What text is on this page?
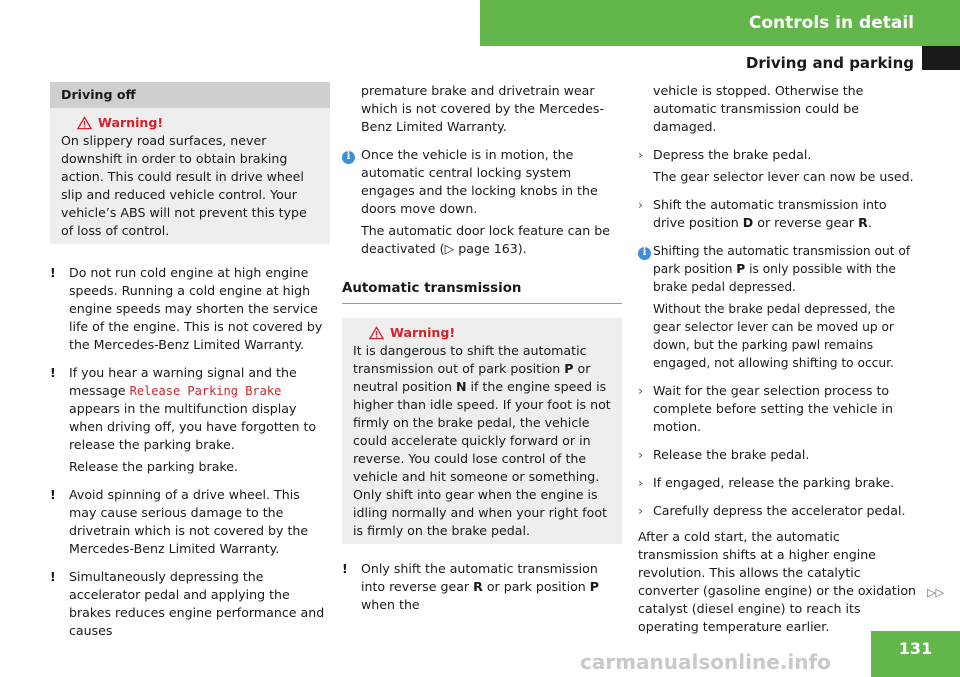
Controls in detail
Driving and parking
Driving off
Warning!

On slippery road surfaces, never downshift in order to obtain braking action. This could result in drive wheel slip and reduced vehicle control. Your vehicle’s ABS will not prevent this type of loss of control.

!	Do not run cold engine at high engine speeds. Running a cold engine at high engine speeds may shorten the service life of the engine. This is not covered by the Mercedes-Benz Limited Warranty.
!	If you hear a warning signal and the message Release Parking Brake appears in the multifunction display when driving off, you have forgotten to release the parking brake.

Release the parking brake.

!	Avoid spinning of a drive wheel. This may cause serious damage to the drivetrain which is not covered by the Mercedes-Benz Limited Warranty.
!	Simultaneously depressing the accelerator pedal and applying the brakes reduces engine performance and causes

premature brake and drivetrain wear which is not covered by the Mercedes-Benz Limited Warranty.

i Once the vehicle is in motion, the automatic central locking system engages and the locking knobs in the doors move down.

The automatic door lock feature can be deactivated (▷ page 163).

Automatic transmission
Warning!

It is dangerous to shift the automatic transmission out of park position P or neutral position N if the engine speed is higher than idle speed. If your foot is not firmly on the brake pedal, the vehicle could accelerate quickly forward or in reverse. You could lose control of the vehicle and hit someone or something. Only shift into gear when the engine is idling normally and when your right foot is firmly on the brake pedal.

!	Only shift the automatic transmission into reverse gear R or park position P when the

vehicle is stopped. Otherwise the automatic transmission could be damaged.

› Depress the brake pedal.

The gear selector lever can now be used.

› Shift the automatic transmission into drive position D or reverse gear R.
i Shifting the automatic transmission out of park position P is only possible with the brake pedal depressed.

Without the brake pedal depressed, the gear selector lever can be moved up or down, but the parking pawl remains engaged, not allowing shifting to occur.

› Wait for the gear selection process to complete before setting the vehicle in motion.
› Release the brake pedal.
› If engaged, release the parking brake.
› Carefully depress the accelerator pedal.

After a cold start, the automatic transmission shifts at a higher engine revolution. This allows the catalytic converter (gasoline engine) or the oxidation catalyst (diesel engine) to reach its operating temperature earlier.

▷▷
carmanualsonline.info
131
